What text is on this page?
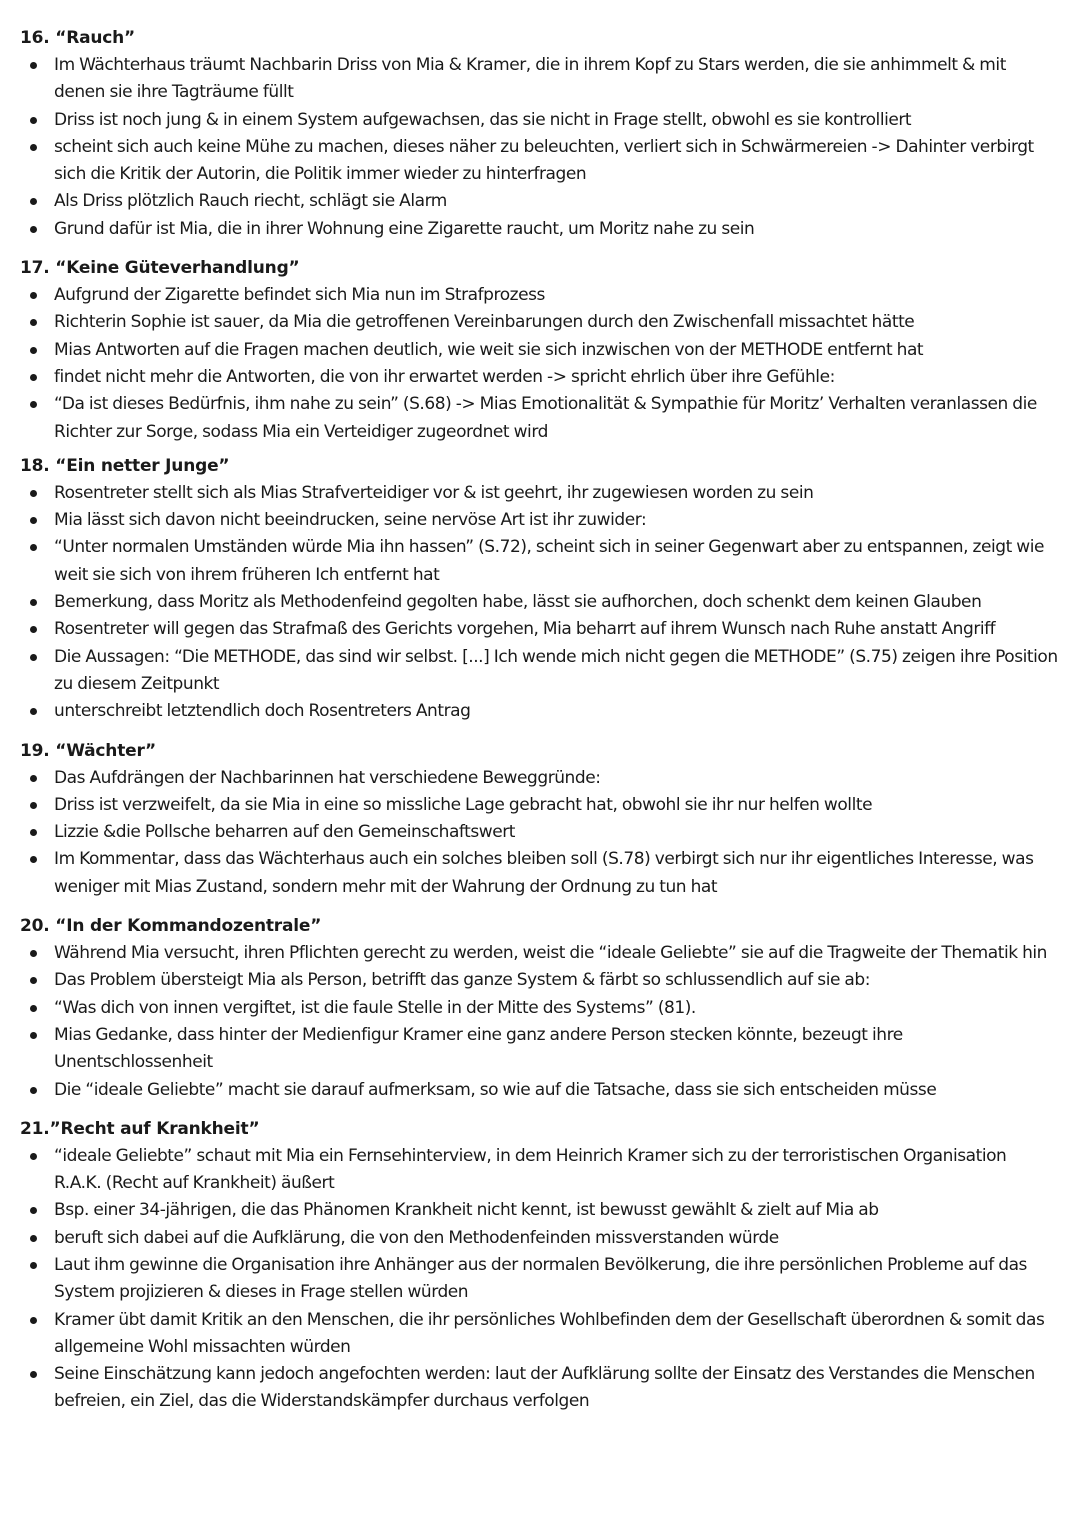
16. “Rauch”
Im Wächterhaus träumt Nachbarin Driss von Mia & Kramer, die in ihrem Kopf zu Stars werden, die sie anhimmelt & mit denen sie ihre Tagträume füllt
Driss ist noch jung & in einem System aufgewachsen, das sie nicht in Frage stellt, obwohl es sie kontrolliert
scheint sich auch keine Mühe zu machen, dieses näher zu beleuchten, verliert sich in Schwärmereien -> Dahinter verbirgt sich die Kritik der Autorin, die Politik immer wieder zu hinterfragen
Als Driss plötzlich Rauch riecht, schlägt sie Alarm
Grund dafür ist Mia, die in ihrer Wohnung eine Zigarette raucht, um Moritz nahe zu sein
17. “Keine Güteverhandlung”
Aufgrund der Zigarette befindet sich Mia nun im Strafprozess
Richterin Sophie ist sauer, da Mia die getroffenen Vereinbarungen durch den Zwischenfall missachtet hätte
Mias Antworten auf die Fragen machen deutlich, wie weit sie sich inzwischen von der METHODE entfernt hat
findet nicht mehr die Antworten, die von ihr erwartet werden -> spricht ehrlich über ihre Gefühle:
“Da ist dieses Bedürfnis, ihm nahe zu sein” (S.68) -> Mias Emotionalität & Sympathie für Moritz’ Verhalten veranlassen die Richter zur Sorge, sodass Mia ein Verteidiger zugeordnet wird
18. “Ein netter Junge”
Rosentreter stellt sich als Mias Strafverteidiger vor & ist geehrt, ihr zugewiesen worden zu sein
Mia lässt sich davon nicht beeindrucken, seine nervöse Art ist ihr zuwider:
“Unter normalen Umständen würde Mia ihn hassen” (S.72), scheint sich in seiner Gegenwart aber zu entspannen, zeigt wie weit sie sich von ihrem früheren Ich entfernt hat
Bemerkung, dass Moritz als Methodenfeind gegolten habe, lässt sie aufhorchen, doch schenkt dem keinen Glauben
Rosentreter will gegen das Strafmaß des Gerichts vorgehen, Mia beharrt auf ihrem Wunsch nach Ruhe anstatt Angriff
Die Aussagen: “Die METHODE, das sind wir selbst. [...] Ich wende mich nicht gegen die METHODE” (S.75) zeigen ihre Position zu diesem Zeitpunkt
unterschreibt letztendlich doch Rosentreters Antrag
19. “Wächter”
Das Aufdrängen der Nachbarinnen hat verschiedene Beweggründe:
Driss ist verzweifelt, da sie Mia in eine so missliche Lage gebracht hat, obwohl sie ihr nur helfen wollte
Lizzie &die Pollsche beharren auf den Gemeinschaftswert
Im Kommentar, dass das Wächterhaus auch ein solches bleiben soll (S.78) verbirgt sich nur ihr eigentliches Interesse, was weniger mit Mias Zustand, sondern mehr mit der Wahrung der Ordnung zu tun hat
20. “In der Kommandozentrale”
Während Mia versucht, ihren Pflichten gerecht zu werden, weist die “ideale Geliebte” sie auf die Tragweite der Thematik hin
Das Problem übersteigt Mia als Person, betrifft das ganze System & färbt so schlussendlich auf sie ab:
“Was dich von innen vergiftet, ist die faule Stelle in der Mitte des Systems” (81).
Mias Gedanke, dass hinter der Medienfigur Kramer eine ganz andere Person stecken könnte, bezeugt ihre Unentschlossenheit
Die “ideale Geliebte” macht sie darauf aufmerksam, so wie auf die Tatsache, dass sie sich entscheiden müsse
21.”Recht auf Krankheit”
“ideale Geliebte” schaut mit Mia ein Fernsehinterview, in dem Heinrich Kramer sich zu der terroristischen Organisation R.A.K. (Recht auf Krankheit) äußert
Bsp. einer 34-jährigen, die das Phänomen Krankheit nicht kennt, ist bewusst gewählt & zielt auf Mia ab
beruft sich dabei auf die Aufklärung, die von den Methodenfeinden missverstanden würde
Laut ihm gewinne die Organisation ihre Anhänger aus der normalen Bevölkerung, die ihre persönlichen Probleme auf das System projizieren & dieses in Frage stellen würden
Kramer übt damit Kritik an den Menschen, die ihr persönliches Wohlbefinden dem der Gesellschaft überordnen & somit das allgemeine Wohl missachten würden
Seine Einschätzung kann jedoch angefochten werden: laut der Aufklärung sollte der Einsatz des Verstandes die Menschen befreien, ein Ziel, das die Widerstandskämpfer durchaus verfolgen
